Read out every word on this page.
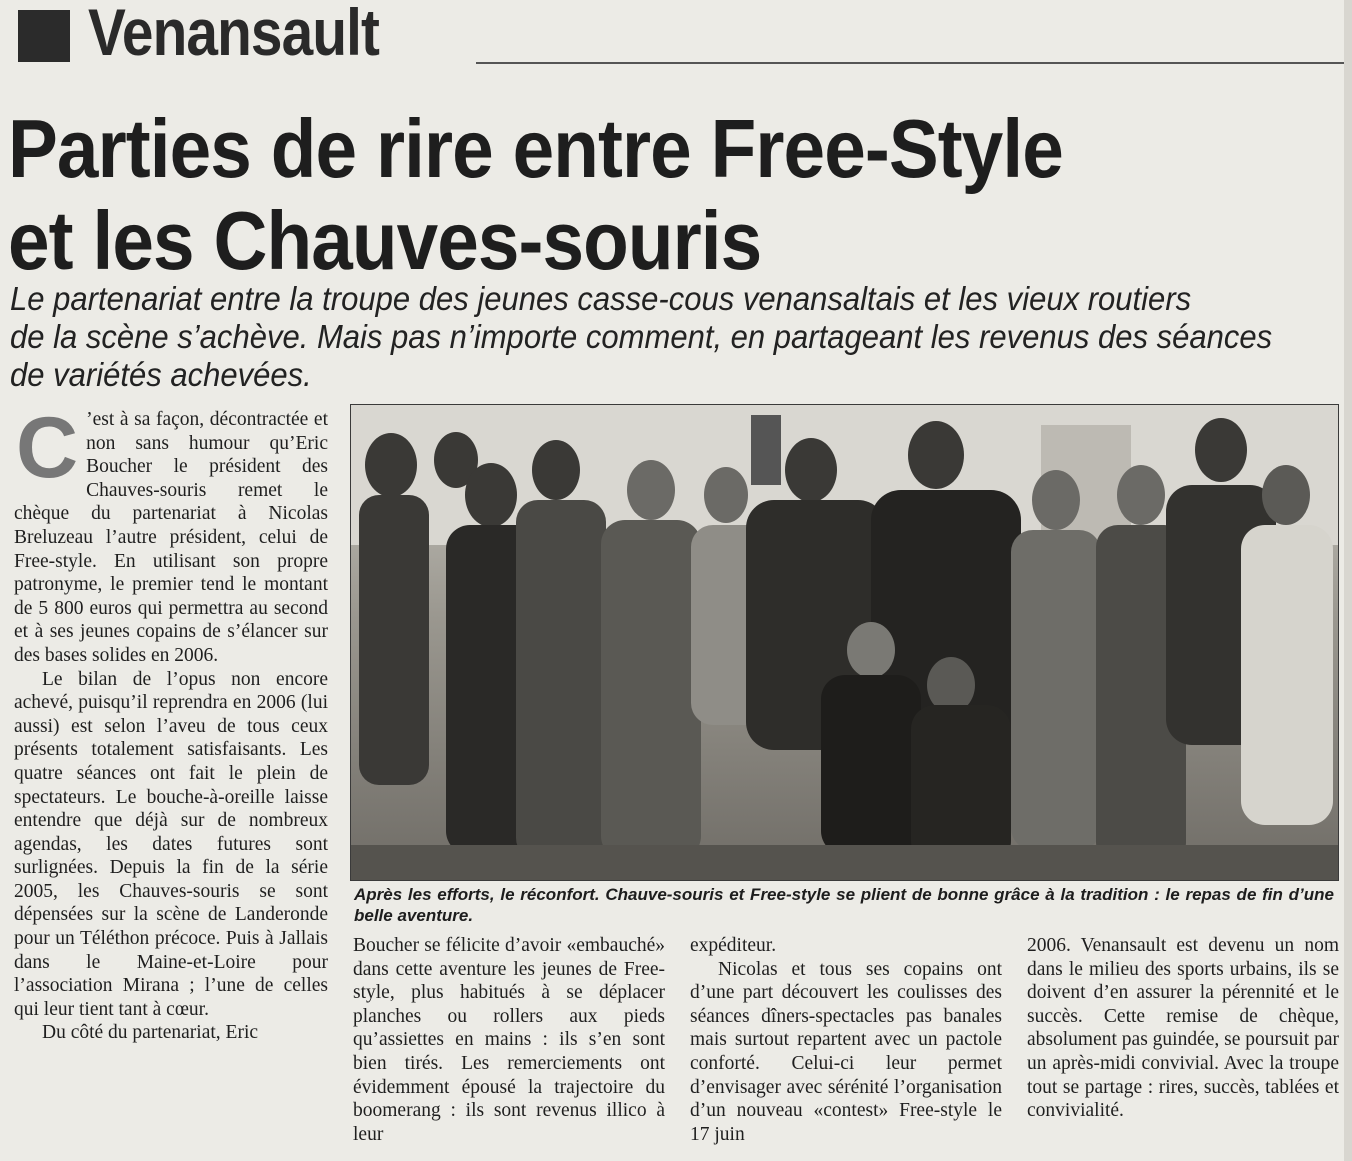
Venansault
Parties de rire entre Free-Style
et les Chauves-souris

Le partenariat entre la troupe des jeunes casse-cous venansaltais et les vieux routiers
de la scène s’achève. Mais pas n’importe comment, en partageant les revenus des séances
de variétés achevées.

C ’est à sa façon, décontractée et non sans humour qu’Eric Boucher le président des Chauves-souris remet le chèque du partenariat à Nicolas Breluzeau l’autre président, celui de Free-style. En utilisant son propre patronyme, le premier tend le montant de 5 800 euros qui permettra au second et à ses jeunes copains de s’élancer sur des bases solides en 2006.

Le bilan de l’opus non encore achevé, puisqu’il reprendra en 2006 (lui aussi) est selon l’aveu de tous ceux présents totalement satisfaisants. Les quatre séances ont fait le plein de spectateurs. Le bouche-à-oreille laisse entendre que déjà sur de nombreux agendas, les dates futures sont surlignées. Depuis la fin de la série 2005, les Chauves-souris se sont dépensées sur la scène de Landeronde pour un Téléthon précoce. Puis à Jallais dans le Maine-et-Loire pour l’association Mirana ; l’une de celles qui leur tient tant à cœur.

Du côté du partenariat, Eric

Après les efforts, le réconfort. Chauve-souris et Free-style se plient de bonne grâce à la tradition : le repas de fin d’une belle aventure.

Boucher se félicite d’avoir «embauché» dans cette aventure les jeunes de Free-style, plus habitués à se déplacer planches ou rollers aux pieds qu’assiettes en mains : ils s’en sont bien tirés. Les remerciements ont évidemment épousé la trajectoire du boomerang : ils sont revenus illico à leur

expéditeur.

Nicolas et tous ses copains ont d’une part découvert les coulisses des séances dîners-spectacles pas banales mais surtout repartent avec un pactole conforté. Celui-ci leur permet d’envisager avec sérénité l’organisation d’un nouveau «contest» Free-style le 17 juin

2006. Venansault est devenu un nom dans le milieu des sports urbains, ils se doivent d’en assurer la pérennité et le succès. Cette remise de chèque, absolument pas guindée, se poursuit par un après-midi convivial. Avec la troupe tout se partage : rires, succès, tablées et convivialité.
